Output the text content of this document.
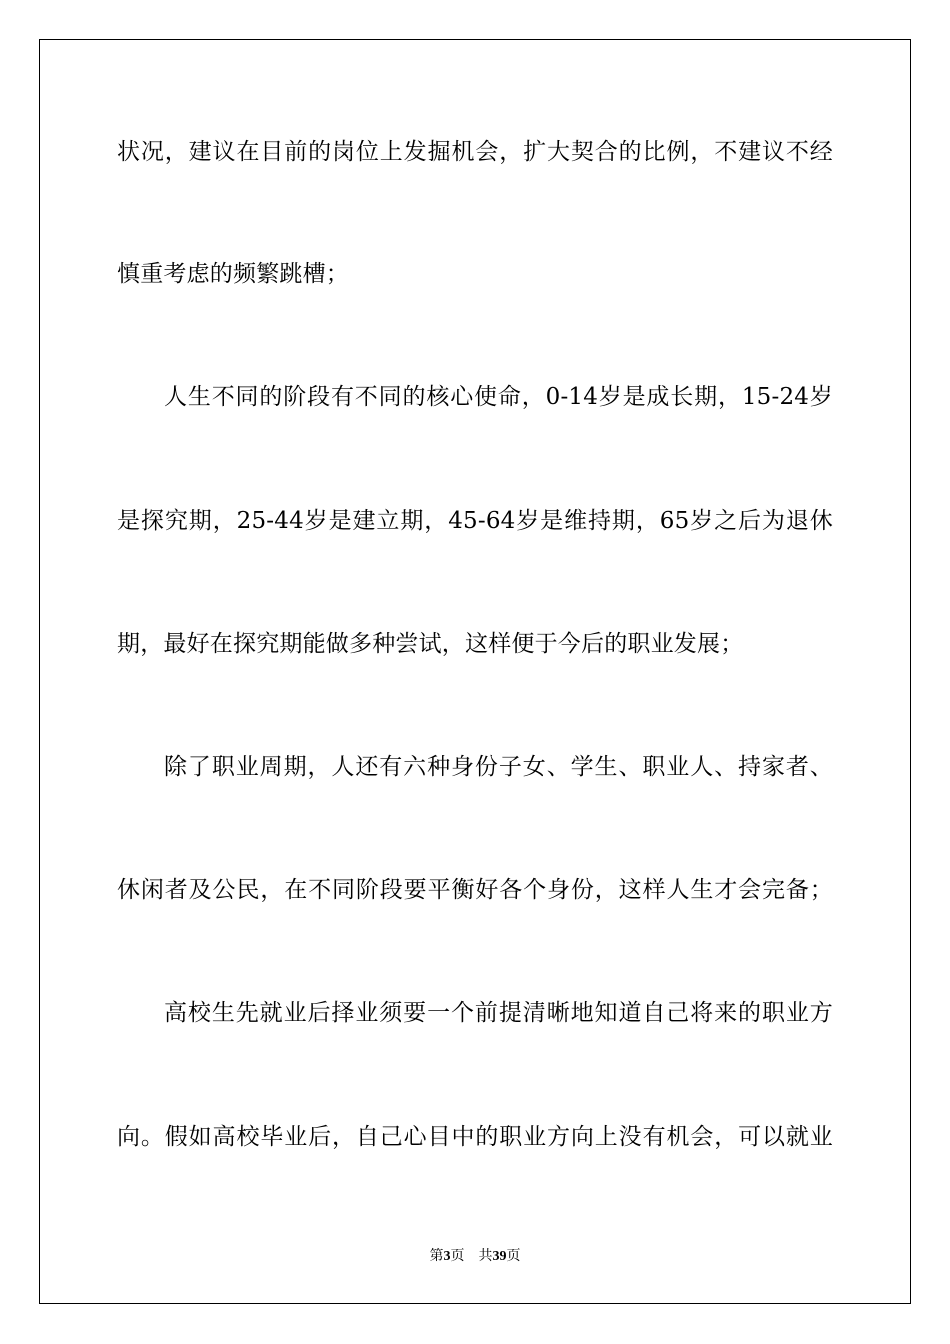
状况，建议在目前的岗位上发掘机会，扩大契合的比例，不建议不经
慎重考虑的频繁跳槽；
人生不同的阶段有不同的核心使命，0-14岁是成长期，15-24岁
是探究期，25-44岁是建立期，45-64岁是维持期，65岁之后为退休
期，最好在探究期能做多种尝试，这样便于今后的职业发展；
除了职业周期，人还有六种身份子女、学生、职业人、持家者、
休闲者及公民，在不同阶段要平衡好各个身份，这样人生才会完备；
高校生先就业后择业须要一个前提清晰地知道自己将来的职业方
向。假如高校毕业后，自己心目中的职业方向上没有机会，可以就业
第3页 共39页
